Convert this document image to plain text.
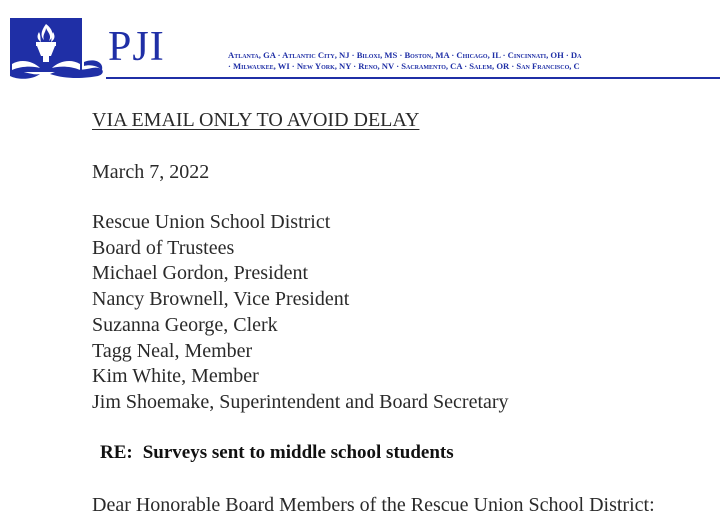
PJI	Atlanta, GA · Atlantic City, NJ · Biloxi, MS · Boston, MA · Chicago, IL · Cincinnati, OH · Da
· Milwaukee, WI · New York, NY · Reno, NV · Sacramento, CA · Salem, OR · San Francisco, C
VIA EMAIL ONLY TO AVOID DELAY
March 7, 2022
Rescue Union School District
Board of Trustees
Michael Gordon, President
Nancy Brownell, Vice President
Suzanna George, Clerk
Tagg Neal, Member
Kim White, Member
Jim Shoemake, Superintendent and Board Secretary
RE: Surveys sent to middle school students
Dear Honorable Board Members of the Rescue Union School District:
